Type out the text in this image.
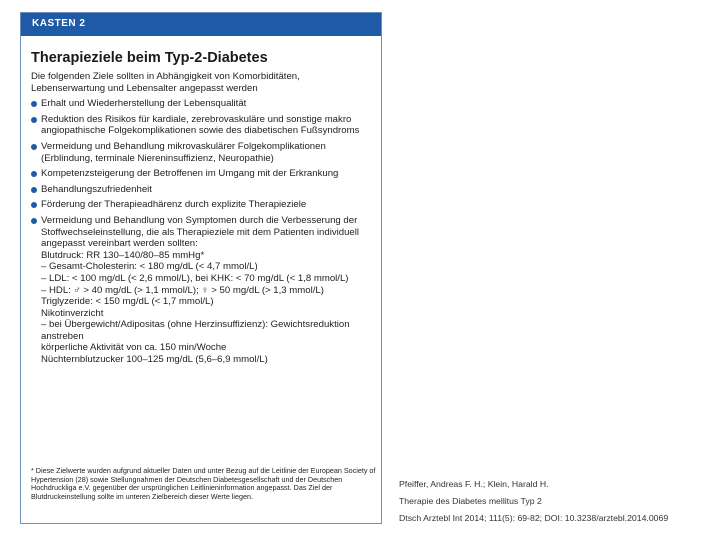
KASTEN 2
Therapieziele beim Typ-2-Diabetes

Die folgenden Ziele sollten in Abhängigkeit von Komorbiditäten, Lebenserwartung und Lebensalter angepasst werden

Erhalt und Wiederherstellung der Lebensqualität
Reduktion des Risikos für kardiale, zerebrovaskuläre und sonstige makro angiopathische Folgekomplikationen sowie des diabetischen Fußsyndroms
Vermeidung und Behandlung mikrovaskulärer Folgekomplikationen (Erblindung, terminale Niereninsuffizienz, Neuropathie)
Kompetenzsteigerung der Betroffenen im Umgang mit der Erkrankung
Behandlungszufriedenheit
Förderung der Therapieadhärenz durch explizite Therapieziele
Vermeidung und Behandlung von Symptomen durch die Verbesserung der Stoffwechseleinstellung, die als Therapieziele mit dem Patienten individuell angepasst vereinbart werden sollten:

Blutdruck: RR 130–140/80–85 mmHg*

– Gesamt-Cholesterin: < 180 mg/dL (< 4,7 mmol/L)

– LDL: < 100 mg/dL (< 2,6 mmol/L), bei KHK: < 70 mg/dL (< 1,8 mmol/L)

– HDL: ♂ > 40 mg/dL (> 1,1 mmol/L); ♀ > 50 mg/dL (> 1,3 mmol/L)

Triglyzeride: < 150 mg/dL (< 1,7 mmol/L)

Nikotinverzicht

– bei Übergewicht/Adipositas (ohne Herzinsuffizienz): Gewichtsreduktion anstreben

körperliche Aktivität von ca. 150 min/Woche

Nüchternblutzucker 100–125 mg/dL (5,6–6,9 mmol/L)

* Diese Zielwerte wurden aufgrund aktueller Daten und unter Bezug auf die Leitlinie der European Society of Hypertension (28) sowie Stellungnahmen der Deutschen Diabetesgesellschaft und der Deutschen Hochdruckliga e.V. gegenüber der ursprünglichen Leitlinieninformation angepasst. Das Ziel der Blutdruckeinstellung sollte im unteren Zielbereich dieser Werte liegen.
Pfeiffer, Andreas F. H.; Klein, Harald H.
Therapie des Diabetes mellitus Typ 2
Dtsch Arztebl Int 2014; 111(5): 69-82; DOI: 10.3238/arztebl.2014.0069
